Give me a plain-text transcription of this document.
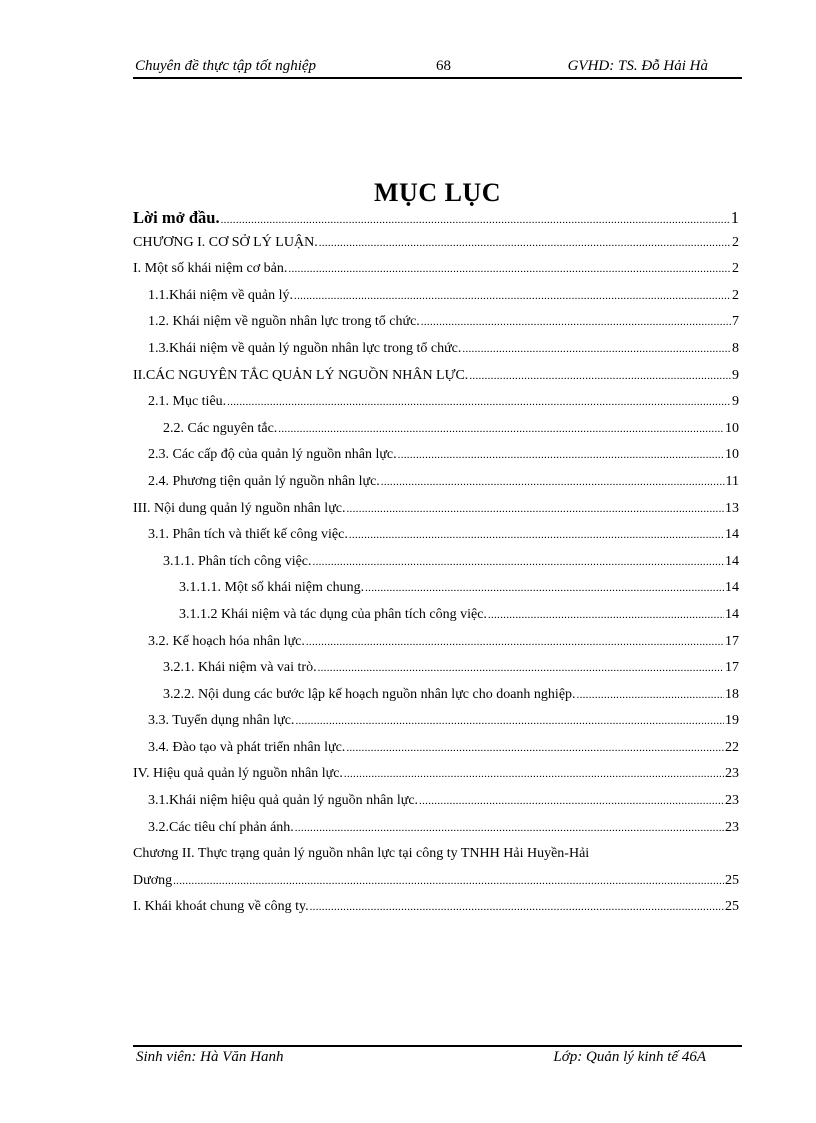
Chuyên đề thực tập tốt nghiệp	68	GVHD: TS. Đỗ Hải Hà
MỤC LỤC
Lời mở đầu. .....	1
CHƯƠNG I. CƠ SỞ LÝ LUẬN. .....	2
I. Một số khái niệm cơ bản. .....	2
1.1.Khái niệm về quản lý. .....	2
1.2. Khái niệm về nguồn nhân lực trong tổ chức. .....	7
1.3.Khái niệm về quản lý nguồn nhân lực trong tổ chức. .....	8
II.CÁC NGUYÊN TẮC QUẢN LÝ NGUỒN NHÂN LỰC. .....	9
2.1. Mục tiêu. .....	9
2.2. Các nguyên tắc. .....	10
2.3. Các cấp độ của quản lý nguồn nhân lực. .....	10
2.4. Phương tiện quản lý nguồn nhân lực. .....	11
III. Nội dung quản lý nguồn nhân lực. .....	13
3.1. Phân tích và thiết kế công việc. .....	14
3.1.1. Phân tích công việc. .....	14
3.1.1.1. Một số khái niệm chung. .....	14
3.1.1.2 Khái niệm và tác dụng của phân tích công việc. .....	14
3.2. Kế hoạch hóa nhân lực. .....	17
3.2.1. Khái niệm và vai trò. .....	17
3.2.2. Nội dung các bước lập kế hoạch nguồn nhân lực cho doanh nghiệp. .....	18
3.3. Tuyển dụng nhân lực. .....	19
3.4. Đào tạo và phát triển nhân lực. .....	22
IV. Hiệu quả quản lý nguồn nhân lực. .....	23
3.1.Khái niệm hiệu quả quản lý nguồn nhân lực. .....	23
3.2.Các tiêu chí phản ánh. .....	23
Chương II. Thực trạng quản lý nguồn nhân lực tại công ty TNHH Hải Huyền-Hải
Dương .....	25
I. Khái khoát chung về công ty. .....	25
Sinh viên: Hà Văn Hanh	Lớp: Quản lý kinh tế 46A
